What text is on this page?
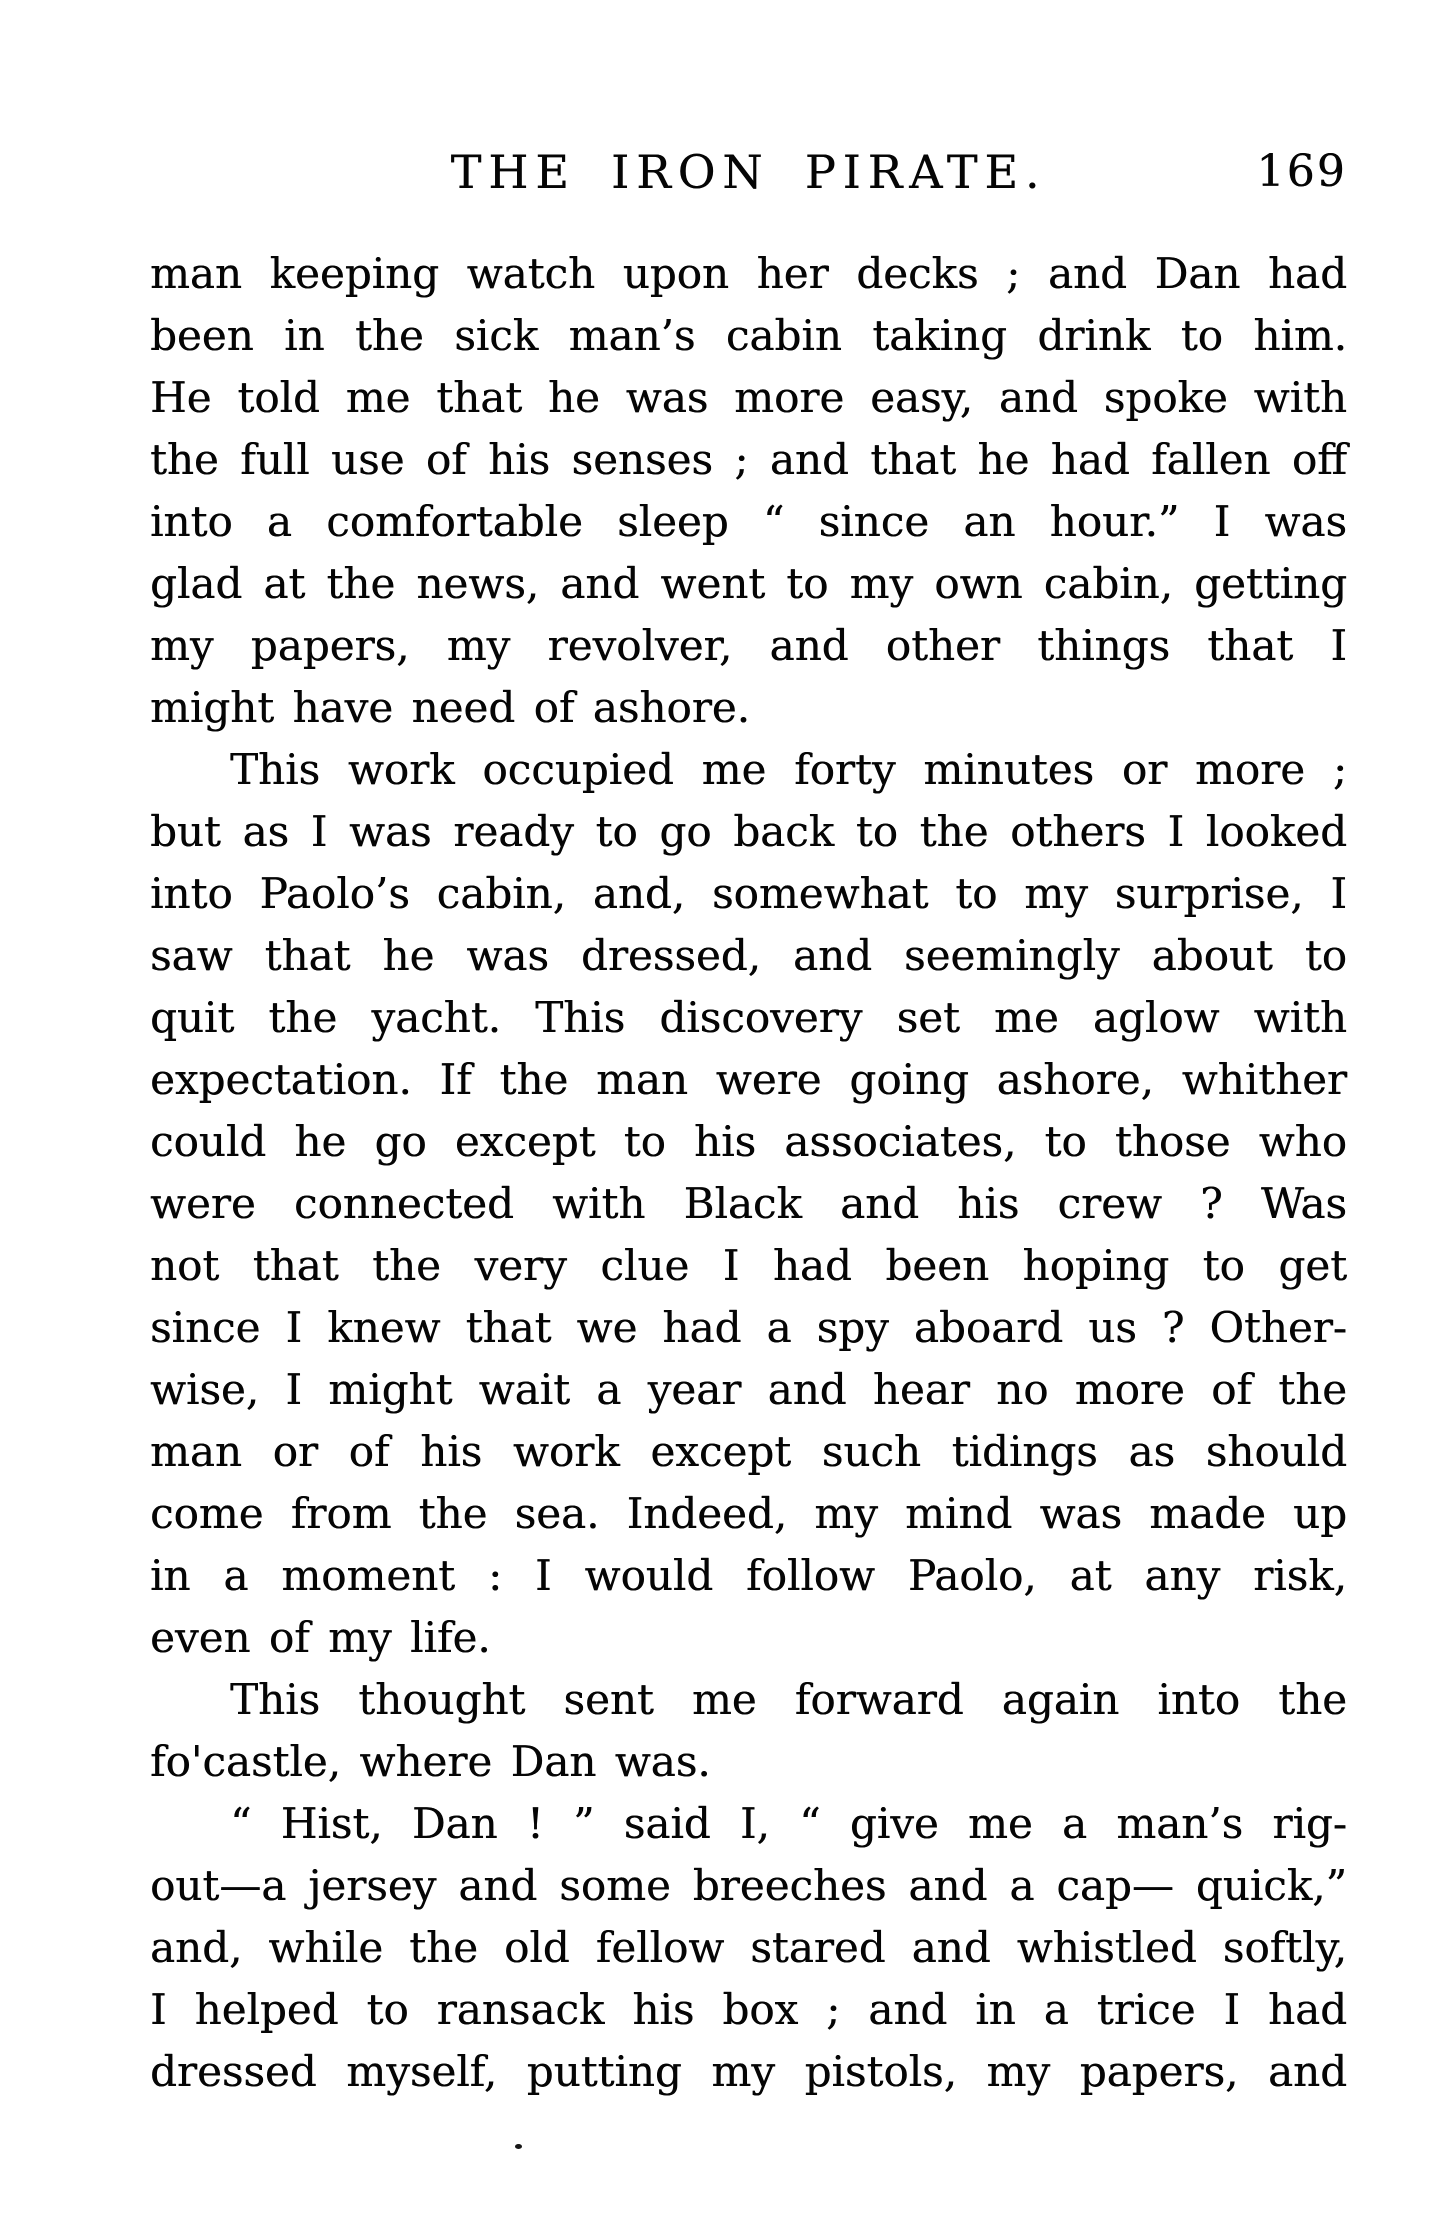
THE IRON PIRATE.	169
man keeping watch upon her decks ; and Dan had
been in the sick man’s cabin taking drink to him.
He told me that he was more easy, and spoke with
the full use of his senses ; and that he had fallen off
into a comfortable sleep “ since an hour.” I was
glad at the news, and went to my own cabin, getting
my papers, my revolver, and other things that I
might have need of ashore.
This work occupied me forty minutes or more ;
but as I was ready to go back to the others I looked
into Paolo’s cabin, and, somewhat to my surprise, I
saw that he was dressed, and seemingly about to
quit the yacht. This discovery set me aglow with
expectation. If the man were going ashore, whither
could he go except to his associates, to those who
were connected with Black and his crew ? Was
not that the very clue I had been hoping to get
since I knew that we had a spy aboard us ? Other-
wise, I might wait a year and hear no more of the
man or of his work except such tidings as should
come from the sea. Indeed, my mind was made up
in a moment : I would follow Paolo, at any risk,
even of my life.
This thought sent me forward again into the
fo'castle, where Dan was.
“ Hist, Dan ! ” said I, “ give me a man’s rig-
out—a jersey and some breeches and a cap— quick,”
and, while the old fellow stared and whistled softly,
I helped to ransack his box ; and in a trice I had
dressed myself, putting my pistols, my papers, and
